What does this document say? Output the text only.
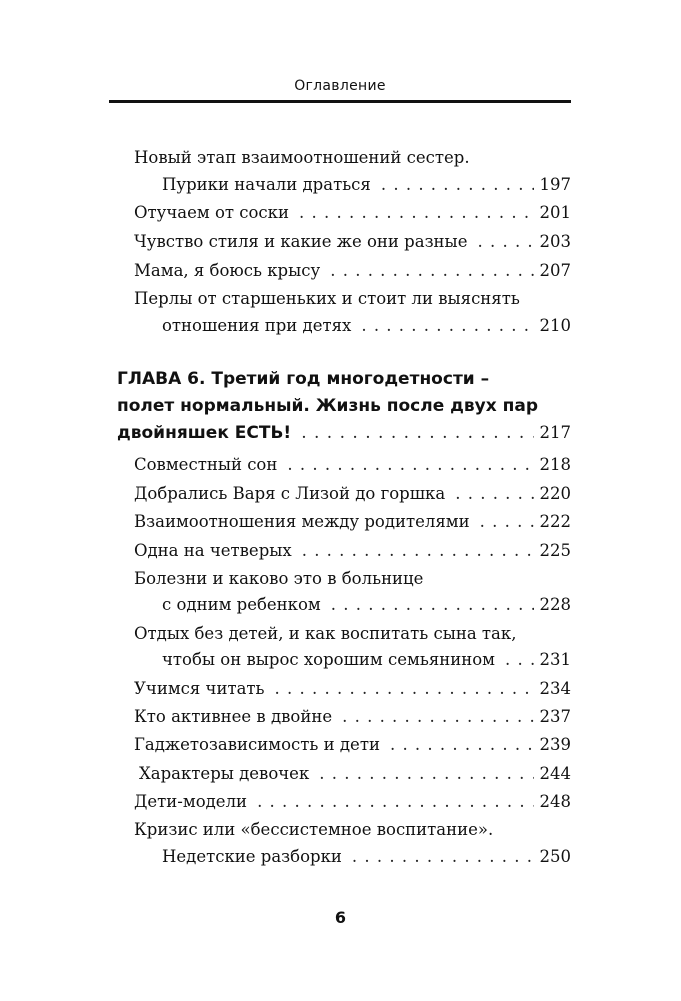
Оглавление
Новый этап взаимоотношений сестер.
Пурики начали драться . . .	197
Отучаем от соски . . .	201
Чувство стиля и какие же они разные . . .	203
Мама, я боюсь крысу . . .	207
Перлы от старшеньких и стоит ли выяснять
отношения при детях . . .	210
ГЛАВА 6. Третий год многодетности –
полет нормальный. Жизнь после двух пар
двойняшек ЕСТЬ! . . .	217
Совместный сон . . .	218
Добрались Варя с Лизой до горшка . . .	220
Взаимоотношения между родителями . . .	222
Одна на четверых . . .	225
Болезни и каково это в больнице
с одним ребенком . . .	228
Отдых без детей, и как воспитать сына так,
чтобы он вырос хорошим семьянином . . .	231
Учимся читать . . .	234
Кто активнее в двойне . . .	237
Гаджетозависимость и дети . . .	239
Характеры девочек . . .	244
Дети-модели . . .	248
Кризис или «бессистемное воспитание».
Недетские разборки . . .	250
6
